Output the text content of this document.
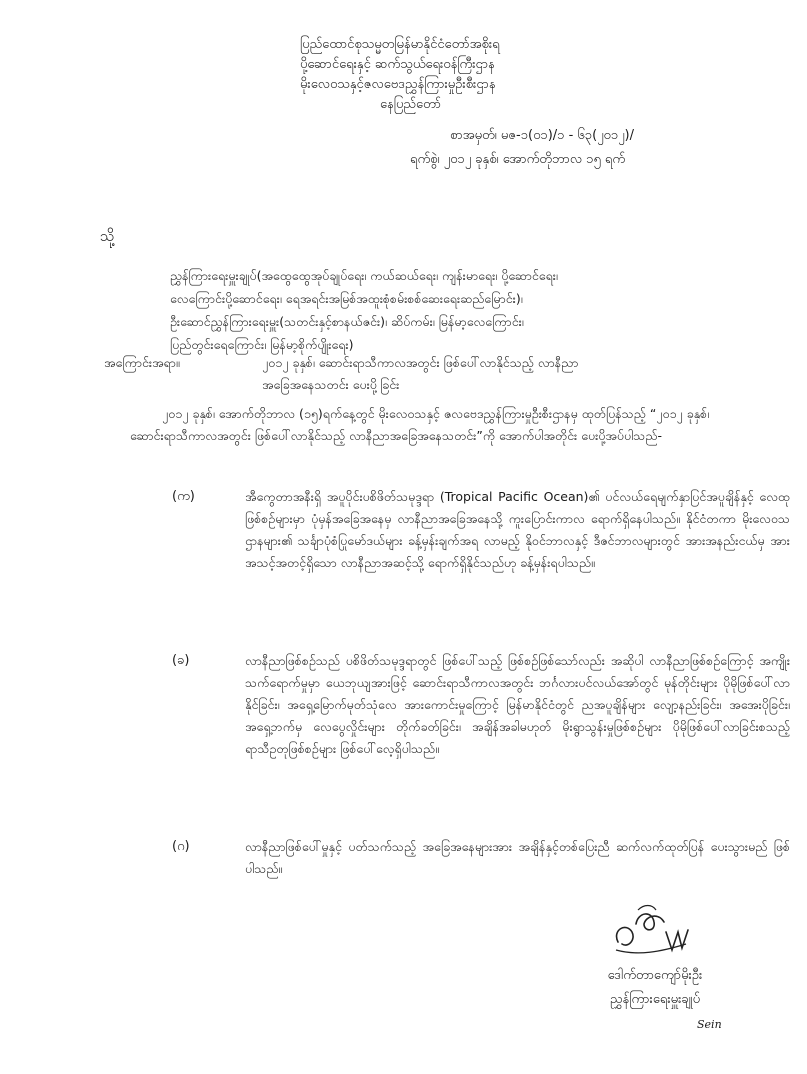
ပြည်ထောင်စုသမ္မတမြန်မာနိုင်ငံတော်အစိုးရ
ပို့ဆောင်ရေးနှင့် ဆက်သွယ်ရေးဝန်ကြီးဌာန
မိုးလေဝသနှင့်ဇလဗေဒညွှန်ကြားမှုဦးစီးဌာန
နေပြည်တော်
စာအမှတ်၊ မဇ-၁(၀၁)/၁ - ၆၃(၂၀၁၂)/
ရက်စွဲ၊ ၂၀၁၂ ခုနှစ်၊ အောက်တိုဘာလ ၁၅ ရက်
သို့
ညွှန်ကြားရေးမှူးချုပ်(အထွေထွေအုပ်ချုပ်ရေး၊ ကယ်ဆယ်ရေး၊ ကျန်းမာရေး၊ ပို့ဆောင်ရေး၊
လေကြောင်းပို့ဆောင်ရေး၊ ရေအရင်းအမြစ်အထူးစုံစမ်းစစ်ဆေးရေးဆည်မြောင်း)၊
ဦးဆောင်ညွှန်ကြားရေးမှူး(သတင်းနှင့်စာနယ်ဇင်း)၊ ဆိပ်ကမ်း၊ မြန်မာ့လေကြောင်း၊
ပြည်တွင်းရေကြောင်း၊ မြန်မာ့စိုက်ပျိုးရေး)
အကြောင်းအရာ။	၂၀၁၂ ခုနှစ်၊ ဆောင်းရာသီကာလအတွင်း ဖြစ်ပေါ်လာနိုင်သည့် လာနီညာအခြေအနေသတင်း ပေးပို့ခြင်း

၂၀၁၂ ခုနှစ်၊ အောက်တိုဘာလ (၁၅)ရက်နေ့တွင် မိုးလေဝသနှင့် ဇလဗေဒညွှန်ကြားမှုဦးစီးဌာနမှ ထုတ်ပြန်သည့် “၂၀၁၂ ခုနှစ်၊ ဆောင်းရာသီကာလအတွင်း ဖြစ်ပေါ်လာနိုင်သည့် လာနီညာအခြေအနေသတင်း”ကို အောက်ပါအတိုင်း ပေးပို့အပ်ပါသည်-

(က)	အီကွေတာအနီးရှိ အပူပိုင်းပစိဖိတ်သမုဒ္ဒရာ (Tropical Pacific Ocean)၏ ပင်လယ်ရေမျက်နှာပြင်အပူချိန်နှင့် လေထုဖြစ်စဉ်များမှာ ပုံမှန်အခြေအနေမှ လာနီညာအခြေအနေသို့ ကူးပြောင်းကာလ ရောက်ရှိနေပါသည်။ နိုင်ငံတကာ မိုးလေဝသဌာနများ၏ သင်္ချာပုံစံပြုမော်ဒယ်များ ခန့်မှန်းချက်အရ လာမည့် နိုဝင်ဘာလနှင့် ဒီဇင်ဘာလများတွင် အားအနည်းငယ်မှ အားအသင့်အတင့်ရှိသော လာနီညာအဆင့်သို့ ရောက်ရှိနိုင်သည်ဟု ခန့်မှန်းရပါသည်။

(ခ)	လာနီညာဖြစ်စဉ်သည် ပစိဖိတ်သမုဒ္ဒရာတွင် ဖြစ်ပေါ်သည့် ဖြစ်စဉ်ဖြစ်သော်လည်း အဆိုပါ လာနီညာဖြစ်စဉ်ကြောင့် အကျိုးသက်ရောက်မှုမှာ ယေဘုယျအားဖြင့် ဆောင်းရာသီကာလအတွင်း ဘင်္ဂလားပင်လယ်အော်တွင် မုန်တိုင်းများ ပိုမိုဖြစ်ပေါ်လာနိုင်ခြင်း၊ အရှေ့မြောက်မုတ်သုံလေ အားကောင်းမှုကြောင့် မြန်မာနိုင်ငံတွင် ညအပူချိန်များ လျော့နည်းခြင်း၊ အအေးပိုခြင်း၊ အရှေ့ဘက်မှ လေပွေလှိုင်းများ တိုက်ခတ်ခြင်း၊ အချိန်အခါမဟုတ် မိုးရွာသွန်းမှုဖြစ်စဉ်များ ပိုမိုဖြစ်ပေါ်လာခြင်းစသည့် ရာသီဥတုဖြစ်စဉ်များ ဖြစ်ပေါ်လေ့ရှိပါသည်။

(ဂ)	လာနီညာဖြစ်ပေါ်မှုနှင့် ပတ်သက်သည့် အခြေအနေများအား အချိန်နှင့်တစ်ပြေးညီ ဆက်လက်ထုတ်ပြန် ပေးသွားမည် ဖြစ်ပါသည်။

ဒေါက်တာကျော်မိုးဦး
ညွှန်ကြားရေးမှူးချုပ်
Sein
